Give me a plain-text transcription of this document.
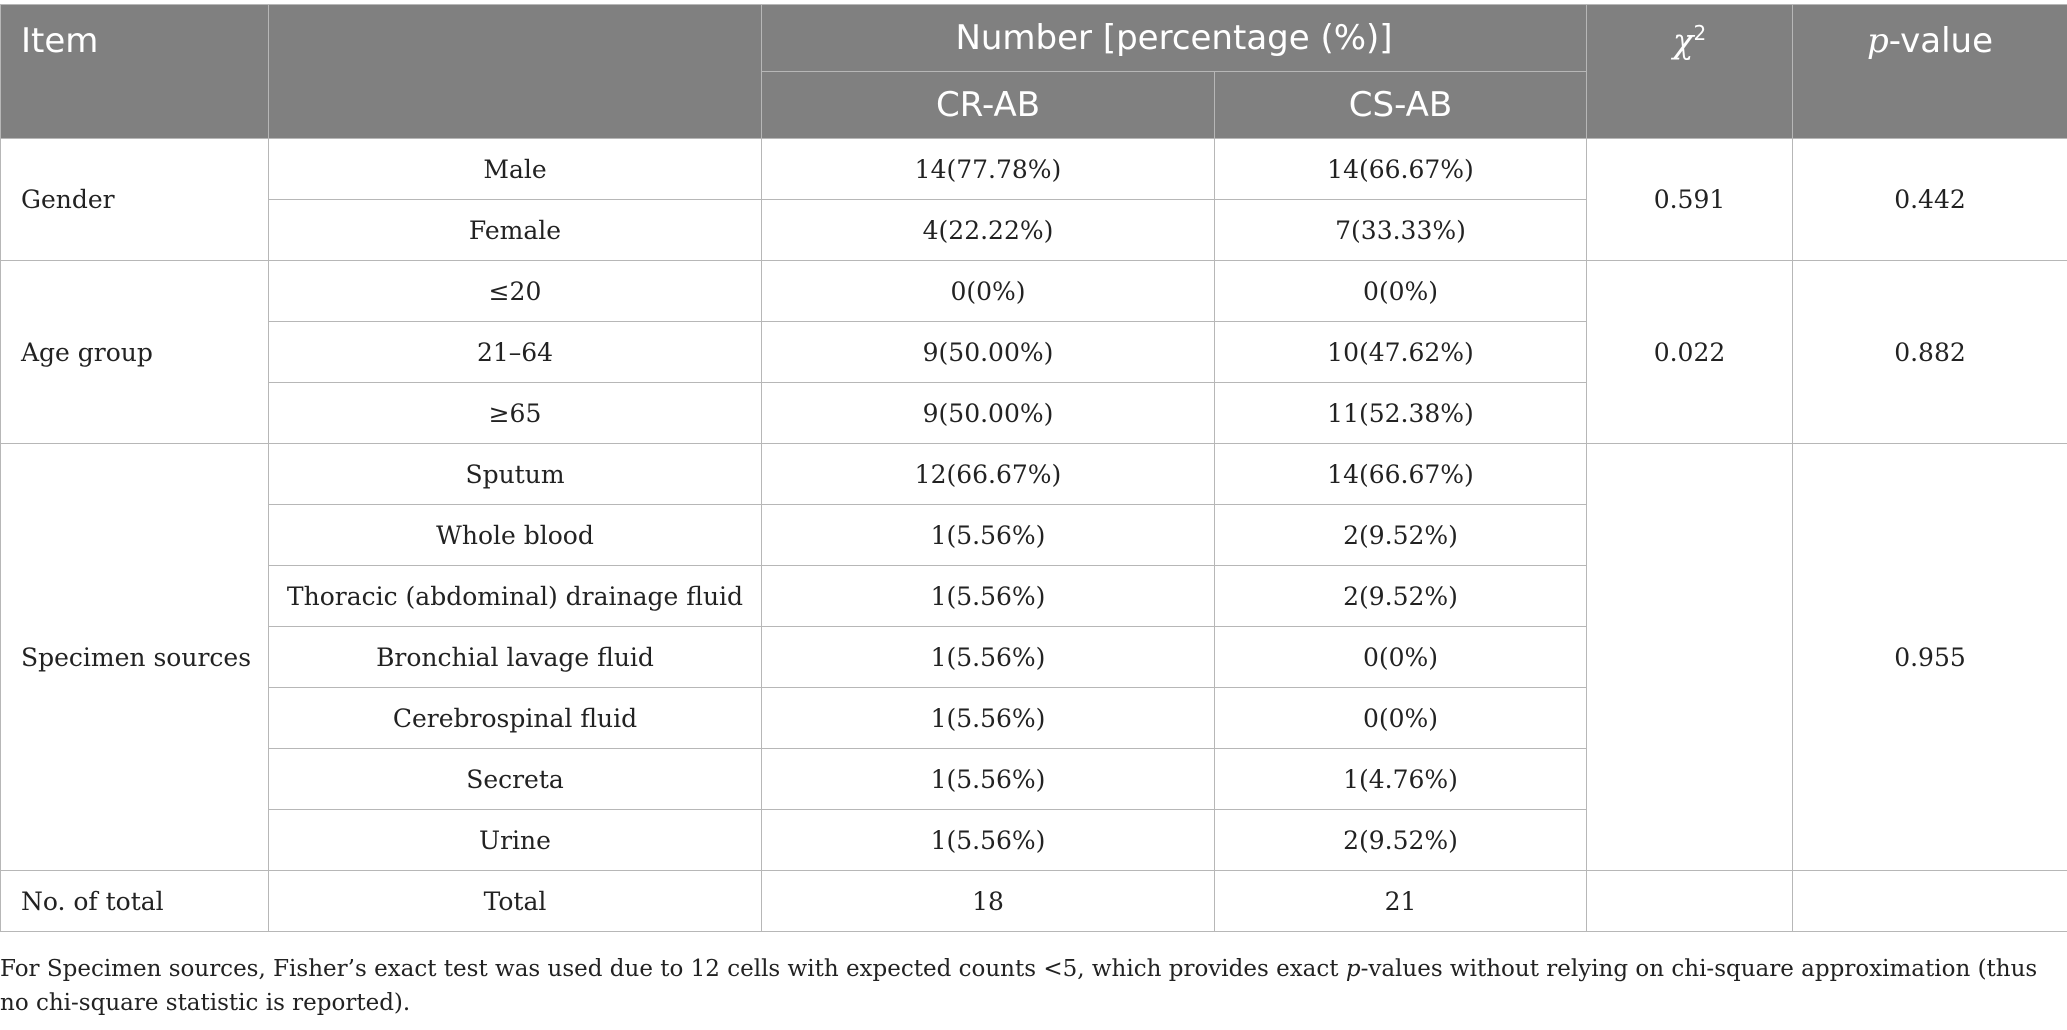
Item		Number [percentage (%)]		$\chi^2$	p-value
		CR-AB	CS-AB		
Gender	Male	14(77.78%)	14(66.67%)	0.591	0.442
	Female	4(22.22%)	7(33.33%)		
Age group	≤20	0(0%)	0(0%)	0.022	0.882
	21–64	9(50.00%)	10(47.62%)		
	≥65	9(50.00%)	11(52.38%)		
Specimen sources	Sputum	12(66.67%)	14(66.67%)		0.955
	Whole blood	1(5.56%)	2(9.52%)		
	Thoracic (abdominal) drainage fluid	1(5.56%)	2(9.52%)		
	Bronchial lavage fluid	1(5.56%)	0(0%)		
	Cerebrospinal fluid	1(5.56%)	0(0%)		
	Secreta	1(5.56%)	1(4.76%)		
	Urine	1(5.56%)	2(9.52%)		
No. of total	Total	18	21		
For Specimen sources, Fisher’s exact test was used due to 12 cells with expected counts <5, which provides exact p-values without relying on chi-square approximation (thus no chi-square statistic is reported).
